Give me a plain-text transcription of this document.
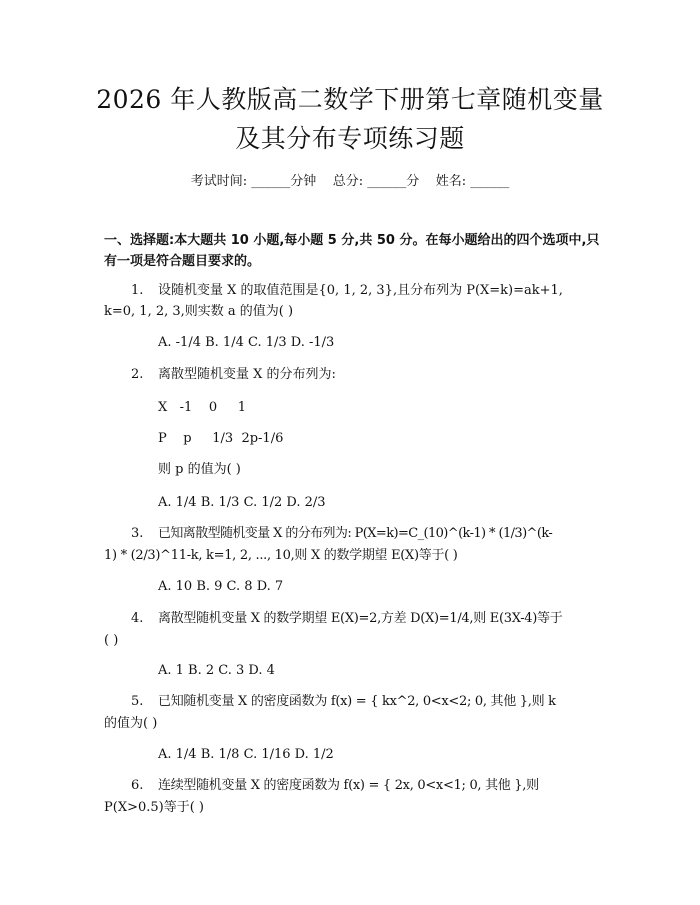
2026 年人教版高二数学下册第七章随机变量
及其分布专项练习题
考试时间: ______分钟    总分: ______分    姓名: ______
一、选择题:本大题共 10 小题,每小题 5 分,共 50 分。在每小题给出的四个选项中,只有一项是符合题目要求的。
1. 设随机变量 X 的取值范围是{0, 1, 2, 3},且分布列为 P(X=k)=ak+1,
k=0, 1, 2, 3,则实数 a 的值为( )
A. -1/4 B. 1/4 C. 1/3 D. -1/3
2. 离散型随机变量 X 的分布列为:
X   -1    0     1
P    p     1/3  2p-1/6
则 p 的值为( )
A. 1/4 B. 1/3 C. 1/2 D. 2/3
3. 已知离散型随机变量 X 的分布列为: P(X=k)=C_(10)^(k-1) * (1/3)^(k-
1) * (2/3)^11-k, k=1, 2, ..., 10,则 X 的数学期望 E(X)等于( )
A. 10 B. 9 C. 8 D. 7
4. 离散型随机变量 X 的数学期望 E(X)=2,方差 D(X)=1/4,则 E(3X-4)等于
( )
A. 1 B. 2 C. 3 D. 4
5. 已知随机变量 X 的密度函数为 f(x) = { kx^2, 0<x<2; 0, 其他 },则 k
的值为( )
A. 1/4 B. 1/8 C. 1/16 D. 1/2
6. 连续型随机变量 X 的密度函数为 f(x) = { 2x, 0<x<1; 0, 其他 },则
P(X>0.5)等于( )
